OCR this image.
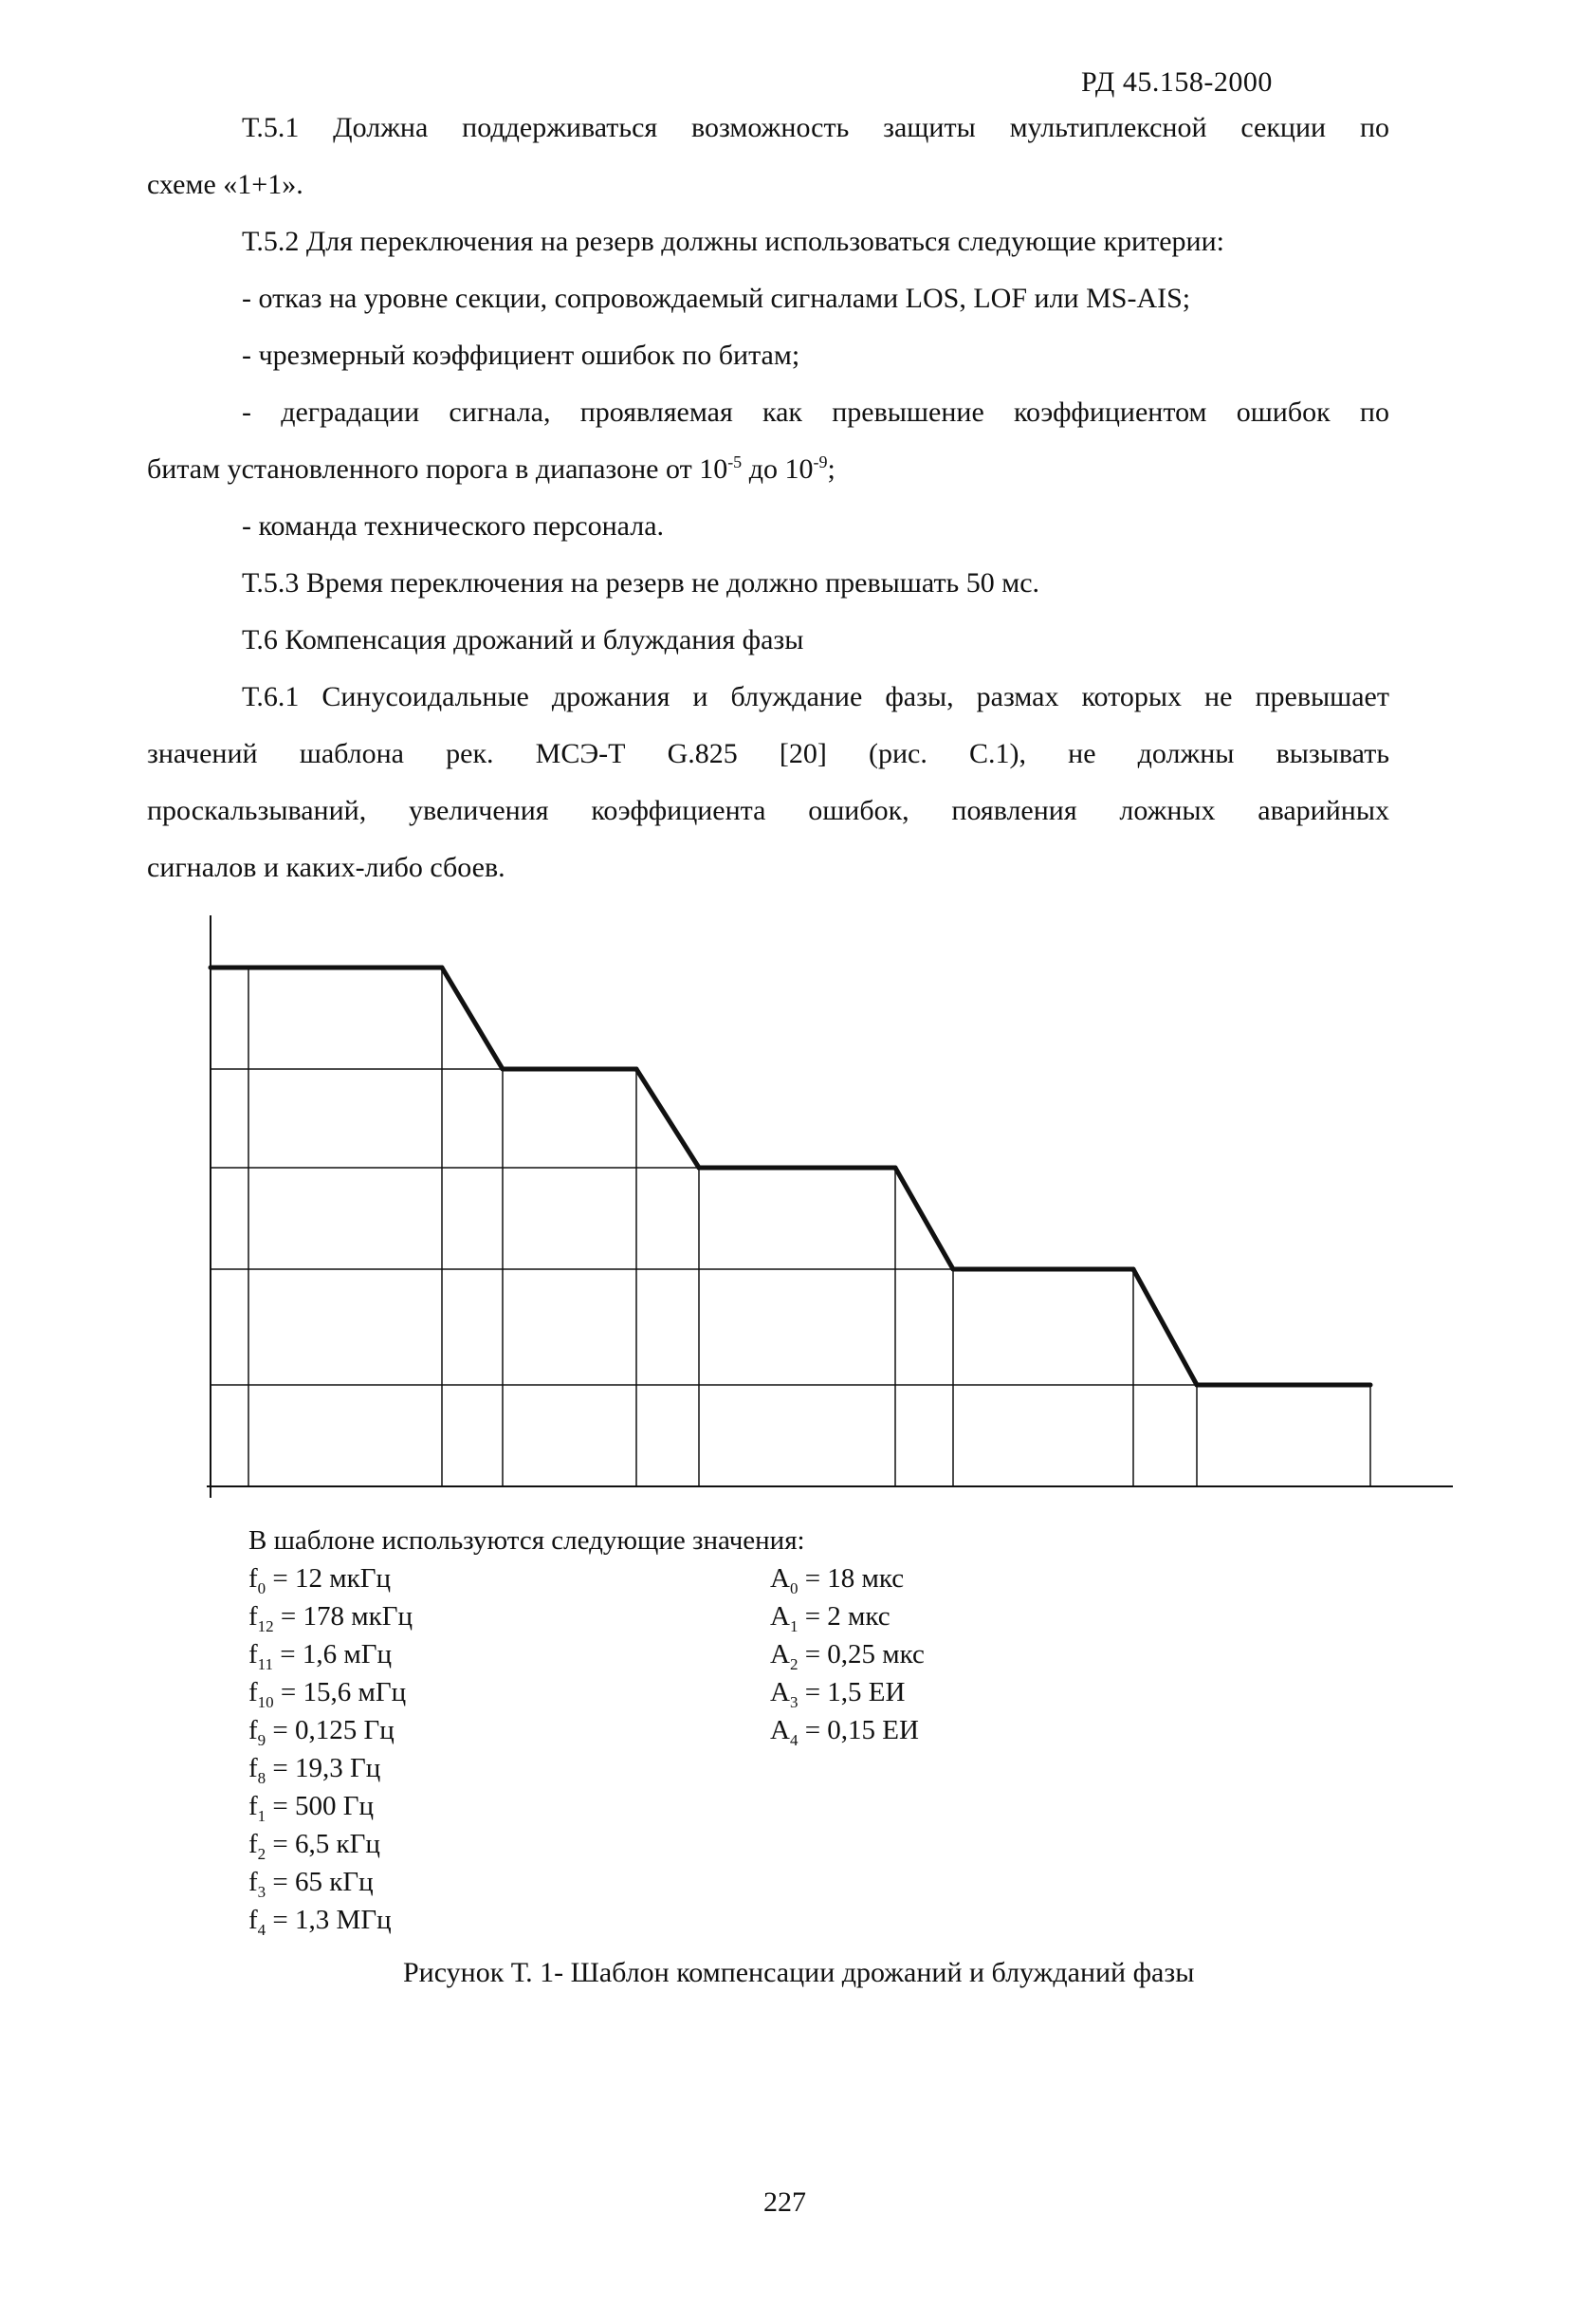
РД 45.158-2000
Т.5.1 Должна поддерживаться возможность защиты мультиплексной секции по
схеме «1+1».
Т.5.2 Для переключения на резерв должны использоваться следующие критерии:
- отказ на уровне секции, сопровождаемый сигналами LOS, LOF или MS-AIS;
- чрезмерный коэффициент ошибок по битам;
- деградации сигнала, проявляемая как превышение коэффициентом ошибок по
битам установленного порога в диапазоне от $10^{-5}$ до $10^{-9}$;
- команда технического персонала.
Т.5.3 Время переключения на резерв не должно превышать 50 мс.
Т.6 Компенсация дрожаний и блуждания фазы
Т.6.1 Синусоидальные дрожания и блуждание фазы, размах которых не превышает
значений шаблона рек. МСЭ-Т G.825 [20] (рис. С.1), не должны вызывать
проскальзываний, увеличения коэффициента ошибок, появления ложных аварийных
сигналов и каких-либо сбоев.
В шаблоне используются следующие значения:
$f_0 = 12$ мкГц
$f_{12} = 178$ мкГц
$f_{11} = 1,6$ мГц
$f_{10} = 15,6$ мГц
$f_9 = 0,125$ Гц
$f_8 = 19,3$ Гц
$f_1 = 500$ Гц
$f_2 = 6,5$ кГц
$f_3 = 65$ кГц
$f_4 = 1,3$ МГц
$A_0 = 18$ мкс
$A_1 = 2$ мкс
$A_2 = 0,25$ мкс
$A_3 = 1,5$ ЕИ
$A_4 = 0,15$ ЕИ
Рисунок Т. 1- Шаблон компенсации дрожаний и блужданий фазы
227
